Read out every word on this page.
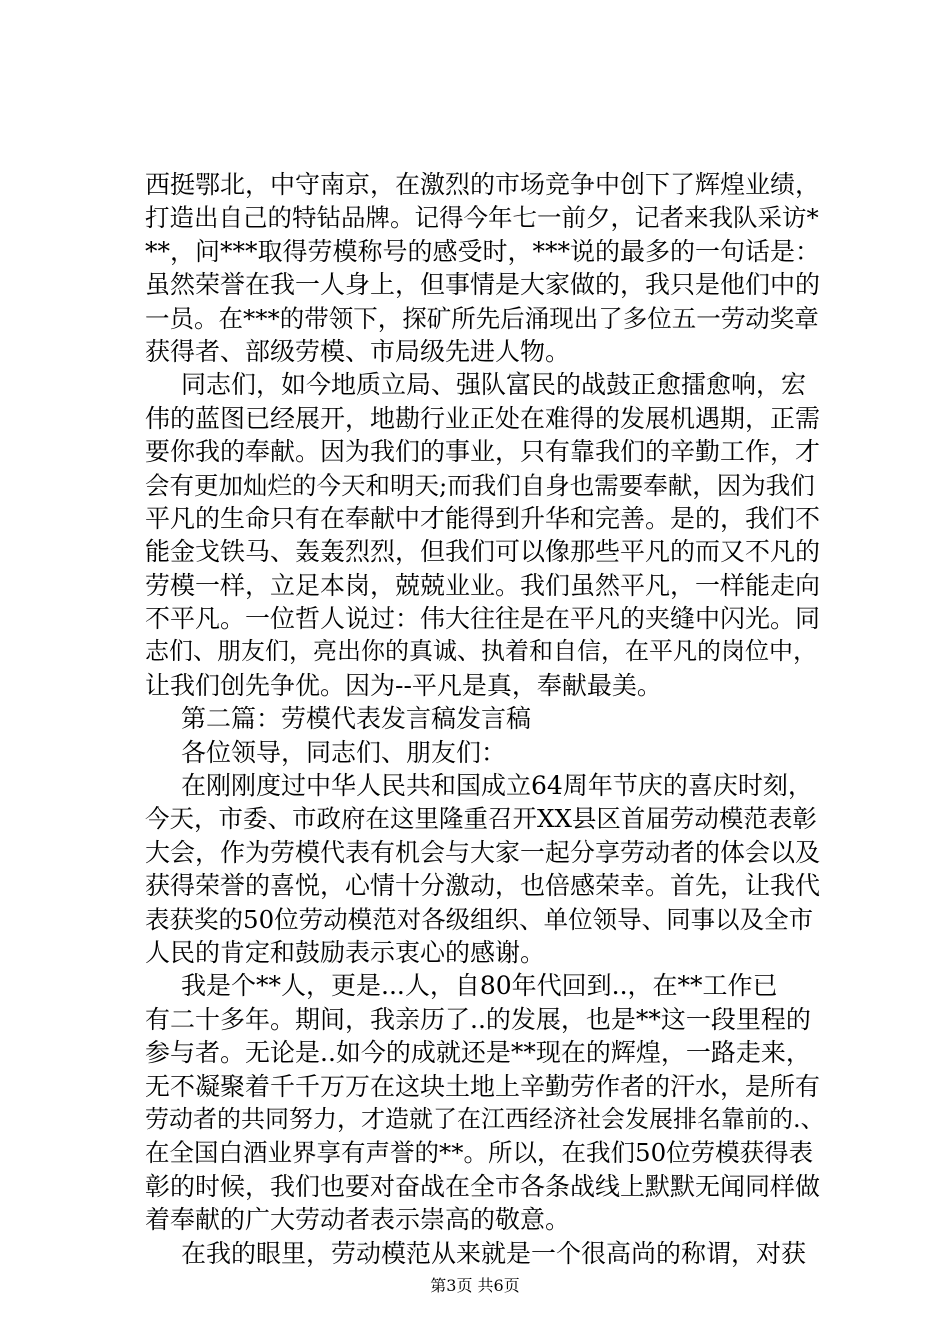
西挺鄂北，中守南京，在激烈的市场竞争中创下了辉煌业绩，
打造出自己的特钻品牌。记得今年七一前夕，记者来我队采访*
**，问***取得劳模称号的感受时，***说的最多的一句话是：
虽然荣誉在我一人身上，但事情是大家做的，我只是他们中的
一员。在***的带领下，探矿所先后涌现出了多位五一劳动奖章
获得者、部级劳模、市局级先进人物。
同志们，如今地质立局、强队富民的战鼓正愈擂愈响，宏
伟的蓝图已经展开，地勘行业正处在难得的发展机遇期，正需
要你我的奉献。因为我们的事业，只有靠我们的辛勤工作，才
会有更加灿烂的今天和明天;而我们自身也需要奉献，因为我们
平凡的生命只有在奉献中才能得到升华和完善。是的，我们不
能金戈铁马、轰轰烈烈，但我们可以像那些平凡的而又不凡的
劳模一样，立足本岗，兢兢业业。我们虽然平凡，一样能走向
不平凡。一位哲人说过：伟大往往是在平凡的夹缝中闪光。同
志们、朋友们，亮出你的真诚、执着和自信，在平凡的岗位中，
让我们创先争优。因为--平凡是真，奉献最美。
第二篇：劳模代表发言稿发言稿
各位领导，同志们、朋友们：
在刚刚度过中华人民共和国成立64周年节庆的喜庆时刻，
今天，市委、市政府在这里隆重召开XX县区首届劳动模范表彰
大会，作为劳模代表有机会与大家一起分享劳动者的体会以及
获得荣誉的喜悦，心情十分激动，也倍感荣幸。首先，让我代
表获奖的50位劳动模范对各级组织、单位领导、同事以及全市
人民的肯定和鼓励表示衷心的感谢。
我是个**人，更是...人，自80年代回到..，在**工作已
有二十多年。期间，我亲历了..的发展，也是**这一段里程的
参与者。无论是..如今的成就还是**现在的辉煌，一路走来，
无不凝聚着千千万万在这块土地上辛勤劳作者的汗水，是所有
劳动者的共同努力，才造就了在江西经济社会发展排名靠前的.、
在全国白酒业界享有声誉的**。所以，在我们50位劳模获得表
彰的时候，我们也要对奋战在全市各条战线上默默无闻同样做
着奉献的广大劳动者表示崇高的敬意。
在我的眼里，劳动模范从来就是一个很高尚的称谓，对获
第3页 共6页
